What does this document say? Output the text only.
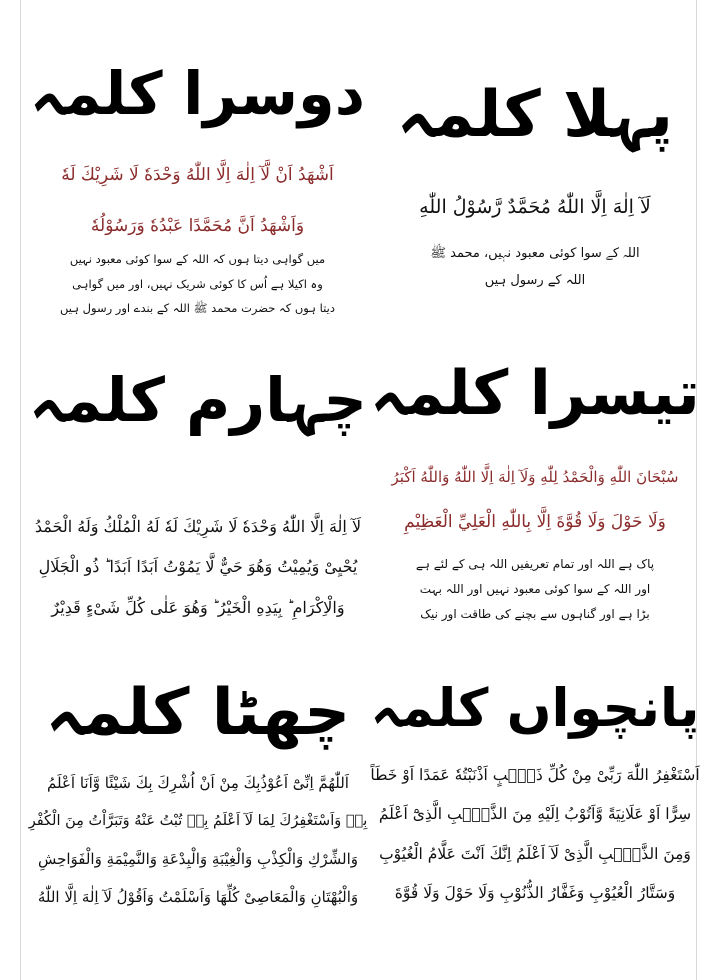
پہلا کلمہ
لَآ اِلٰهَ اِلَّا اللّٰهُ مُحَمَّدٌ رَّسُوْلُ اللّٰهِ
اللہ کے سوا کوئی معبود نہیں، محمد ﷺ
اللہ کے رسول ہیں
دوسرا کلمہ
اَشْهَدُ اَنْ لَّآ اِلٰهَ اِلَّا اللّٰهُ وَحْدَهٗ لَا شَرِيْكَ لَهٗ
وَاَشْهَدُ اَنَّ مُحَمَّدًا عَبْدُهٗ وَرَسُوْلُهٗ
میں گواہی دیتا ہوں کہ اللہ کے سوا کوئی معبود نہیں
وہ اکیلا ہے اُس کا کوئی شریک نہیں، اور میں گواہی
دیتا ہوں کہ حضرت محمد ﷺ اللہ کے بندے اور رسول ہیں
تیسرا کلمہ
سُبْحَانَ اللّٰهِ وَالْحَمْدُ لِلّٰهِ وَلَآ اِلٰهَ اِلَّا اللّٰهُ وَاللّٰهُ اَكْبَرُ
وَلَا حَوْلَ وَلَا قُوَّةَ اِلَّا بِاللّٰهِ الْعَلِيِّ الْعَظِيْمِ
پاک ہے اللہ اور تمام تعریفیں اللہ ہی کے لئے ہے
اور اللہ کے سوا کوئی معبود نہیں اور اللہ بہت
بڑا ہے اور گناہوں سے بچنے کی طاقت اور نیک
چہارم کلمہ
لَآ اِلٰهَ اِلَّا اللّٰهُ وَحْدَهٗ لَا شَرِيْكَ لَهٗ لَهُ الْمُلْكُ وَلَهُ الْحَمْدُ
يُحْيِىْ وَيُمِيْتُ وَهُوَ حَيٌّ لَّا يَمُوْتُ اَبَدًا اَبَدًا ؕ ذُو الْجَلَالِ
وَالْاِكْرَامِ ؕ بِيَدِهِ الْخَيْرُ ؕ وَهُوَ عَلٰى كُلِّ شَىْءٍ قَدِيْرٌ
پانچواں کلمہ
اَسْتَغْفِرُ اللّٰهَ رَبِّىْ مِنْ كُلِّ ذَنْۢبٍ اَذْنَبْتُهٗ عَمَدًا اَوْ خَطَاً
سِرًّا اَوْ عَلَانِيَةً وَّاَتُوْبُ اِلَيْهِ مِنَ الذَّنْۢبِ الَّذِىْٓ اَعْلَمُ
وَمِنَ الذَّنْۢبِ الَّذِىْ لَآ اَعْلَمُ اِنَّكَ اَنْتَ عَلَّامُ الْغُيُوْبِ
وَسَتَّارُ الْعُيُوْبِ وَغَفَّارُ الذُّنُوْبِ وَلَا حَوْلَ وَلَا قُوَّةَ
چھٹا کلمہ
اَللّٰهُمَّ اِنِّىْٓ اَعُوْذُبِكَ مِنْ اَنْ اُشْرِكَ بِكَ شَيْئًا وَّاَنَا اَعْلَمُ
بِهٖ وَاَسْتَغْفِرُكَ لِمَا لَآ اَعْلَمُ بِهٖ تُبْتُ عَنْهُ وَتَبَرَّاْتُ مِنَ الْكُفْرِ
وَالشِّرْكِ وَالْكِذْبِ وَالْغِيْبَةِ وَالْبِدْعَةِ وَالنَّمِيْمَةِ وَالْفَوَاحِشِ
وَالْبُهْتَانِ وَالْمَعَاصِىْ كُلِّهَا وَاَسْلَمْتُ وَاَقُوْلُ لَآ اِلٰهَ اِلَّا اللّٰهُ
